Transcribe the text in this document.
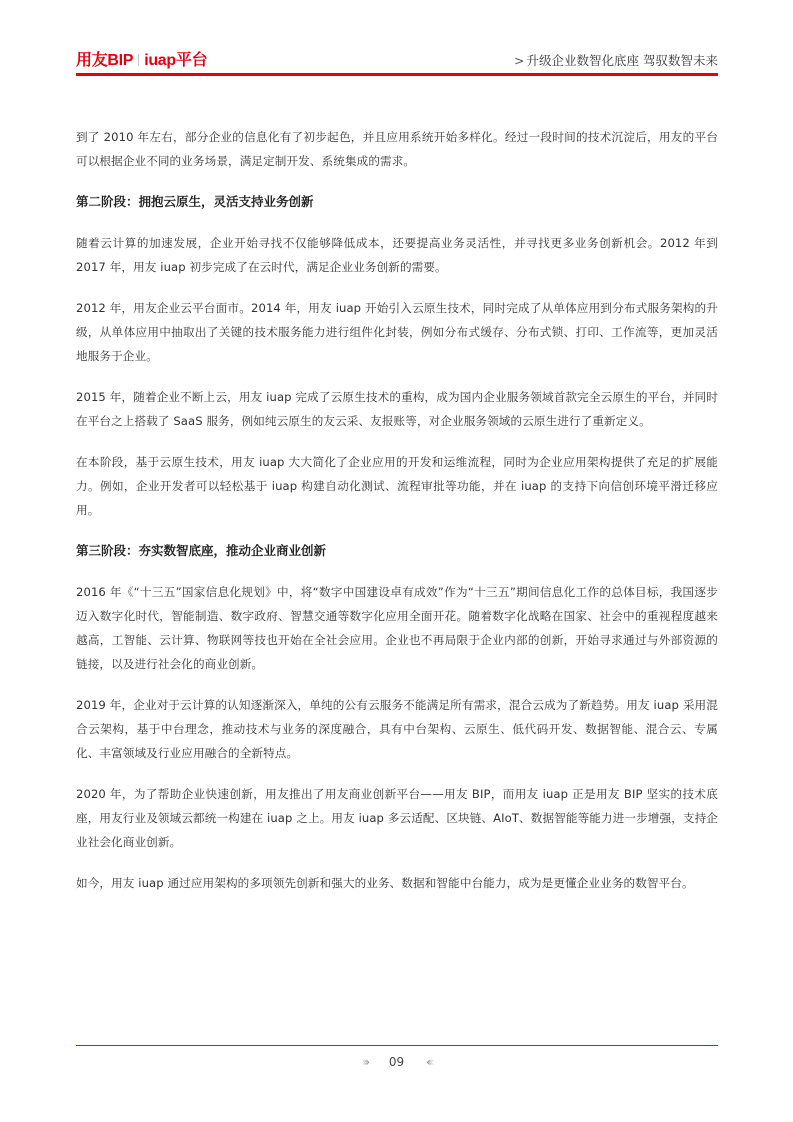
用友BIP iuap平台	> 升级企业数智化底座 驾驭数智未来

到了 2010 年左右，部分企业的信息化有了初步起色，并且应用系统开始多样化。经过一段时间的技术沉淀后，用友的平台可以根据企业不同的业务场景，满足定制开发、系统集成的需求。

第二阶段：拥抱云原生，灵活支持业务创新

随着云计算的加速发展，企业开始寻找不仅能够降低成本，还要提高业务灵活性，并寻找更多业务创新机会。2012 年到 2017 年，用友 iuap 初步完成了在云时代，满足企业业务创新的需要。

2012 年，用友企业云平台面市。2014 年，用友 iuap 开始引入云原生技术，同时完成了从单体应用到分布式服务架构的升级，从单体应用中抽取出了关键的技术服务能力进行组件化封装，例如分布式缓存、分布式锁、打印、工作流等，更加灵活地服务于企业。

2015 年，随着企业不断上云，用友 iuap 完成了云原生技术的重构，成为国内企业服务领域首款完全云原生的平台，并同时在平台之上搭载了 SaaS 服务，例如纯云原生的友云采、友报账等，对企业服务领域的云原生进行了重新定义。

在本阶段，基于云原生技术，用友 iuap 大大简化了企业应用的开发和运维流程，同时为企业应用架构提供了充足的扩展能力。例如，企业开发者可以轻松基于 iuap 构建自动化测试、流程审批等功能，并在 iuap 的支持下向信创环境平滑迁移应用。

第三阶段：夯实数智底座，推动企业商业创新

2016 年《“十三五”国家信息化规划》中，将“数字中国建设卓有成效”作为“十三五”期间信息化工作的总体目标，我国逐步迈入数字化时代，智能制造、数字政府、智慧交通等数字化应用全面开花。随着数字化战略在国家、社会中的重视程度越来越高，工智能、云计算、物联网等技也开始在全社会应用。企业也不再局限于企业内部的创新，开始寻求通过与外部资源的链接，以及进行社会化的商业创新。

2019 年，企业对于云计算的认知逐渐深入，单纯的公有云服务不能满足所有需求，混合云成为了新趋势。用友 iuap 采用混合云架构，基于中台理念，推动技术与业务的深度融合，具有中台架构、云原生、低代码开发、数据智能、混合云、专属化、丰富领域及行业应用融合的全新特点。

2020 年，为了帮助企业快速创新，用友推出了用友商业创新平台——用友 BIP，而用友 iuap 正是用友 BIP 坚实的技术底座，用友行业及领域云都统一构建在 iuap 之上。用友 iuap 多云适配、区块链、AIoT、数据智能等能力进一步增强，支持企业社会化商业创新。

如今，用友 iuap 通过应用架构的多项领先创新和强大的业务、数据和智能中台能力，成为是更懂企业业务的数智平台。

››› 09 ‹‹‹
